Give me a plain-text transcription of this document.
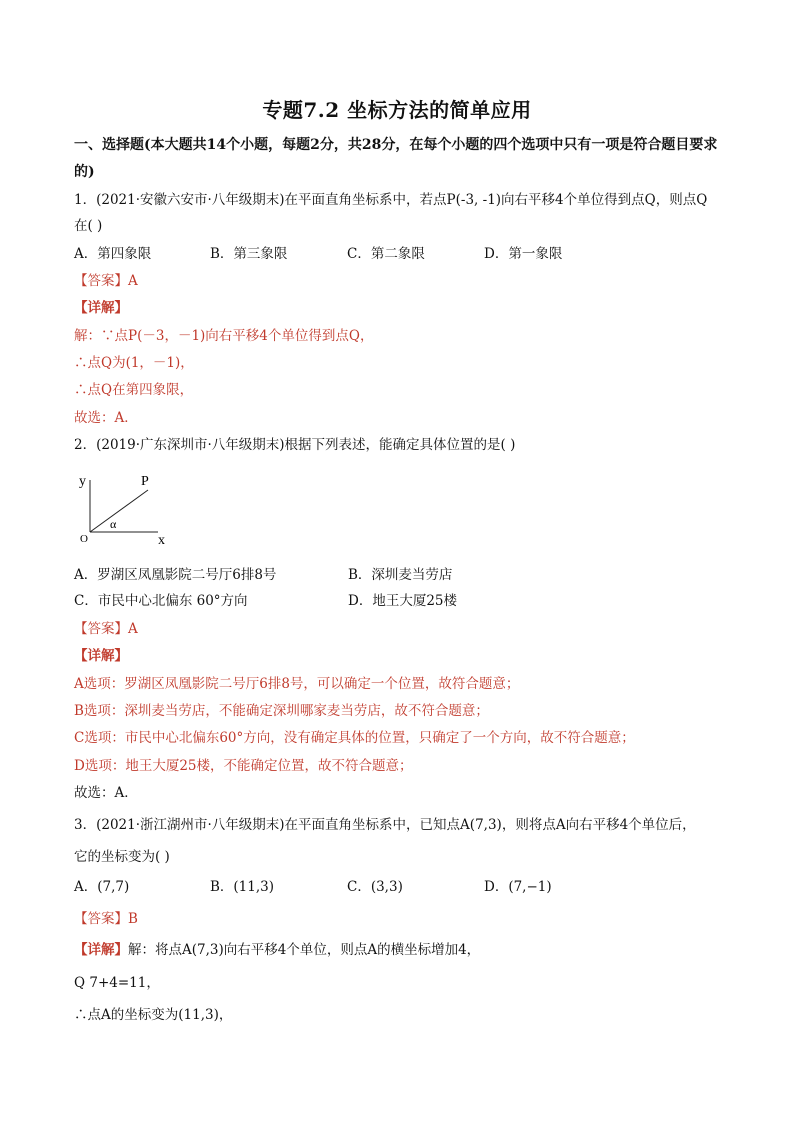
专题7.2 坐标方法的简单应用
一、选择题(本大题共14个小题，每题2分，共28分，在每个小题的四个选项中只有一项是符合题目要求
的)
1．(2021·安徽六安市·八年级期末)在平面直角坐标系中，若点P(-3, -1)向右平移4个单位得到点Q，则点Q
在( )
A．第四象限	B．第三象限	C．第二象限	D．第一象限
【答案】A
【详解】
解：∵点P(－3，－1)向右平移4个单位得到点Q，
∴点Q为(1，－1)，
∴点Q在第四象限，
故选：A．
2．(2019·广东深圳市·八年级期末)根据下列表述，能确定具体位置的是( )
y
x
O
P
α
A．罗湖区凤凰影院二号厅6排8号	B．深圳麦当劳店
C．市民中心北偏东 60°方向	D．地王大厦25楼
【答案】A
【详解】
A选项：罗湖区凤凰影院二号厅6排8号，可以确定一个位置，故符合题意；
B选项：深圳麦当劳店，不能确定深圳哪家麦当劳店，故不符合题意；
C选项：市民中心北偏东60°方向，没有确定具体的位置，只确定了一个方向，故不符合题意；
D选项：地王大厦25楼，不能确定位置，故不符合题意；
故选：A．
3．(2021·浙江湖州市·八年级期末)在平面直角坐标系中，已知点A(7,3)，则将点A向右平移4个单位后，
它的坐标变为( )
A．(7,7)	B．(11,3)	C．(3,3)	D．(7,−1)
【答案】B
【详解】解：将点A(7,3)向右平移4个单位，则点A的横坐标增加4，
Q 7+4=11，
∴点A的坐标变为(11,3)，
